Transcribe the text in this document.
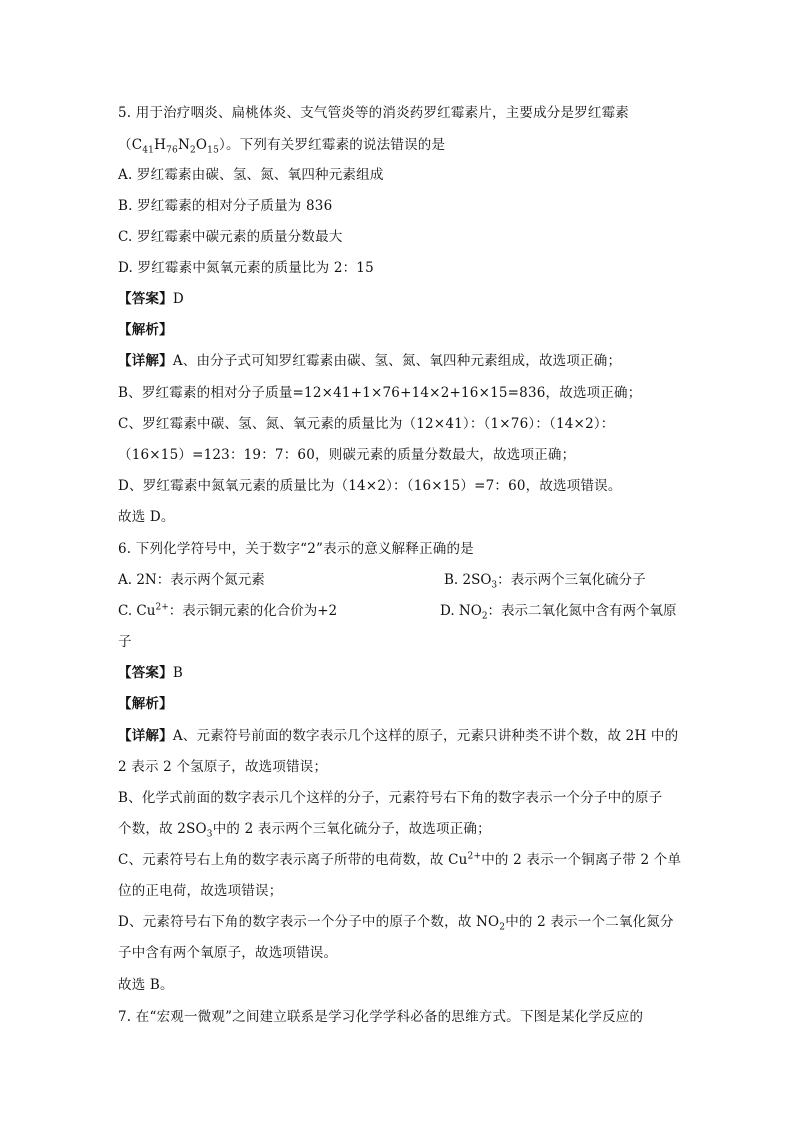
5. 用于治疗咽炎、扁桃体炎、支气管炎等的消炎药罗红霉素片，主要成分是罗红霉素
$(C_{41}H_{76}N_2O_{15})$。下列有关罗红霉素的说法错误的是
A. 罗红霉素由碳、氢、氮、氧四种元素组成
B. 罗红霉素的相对分子质量为 836
C. 罗红霉素中碳元素的质量分数最大
D. 罗红霉素中氮氧元素的质量比为 2：15
【答案】D
【解析】
【详解】A、由分子式可知罗红霉素由碳、氢、氮、氧四种元素组成，故选项正确；
B、罗红霉素的相对分子质量=12×41+1×76+14×2+16×15=836，故选项正确；
C、罗红霉素中碳、氢、氮、氧元素的质量比为（12×41）：（1×76）：（14×2）：
（16×15）=123：19：7：60，则碳元素的质量分数最大，故选项正确；
D、罗红霉素中氮氧元素的质量比为（14×2）：（16×15）=7：60，故选项错误。
故选 D。
6. 下列化学符号中，关于数字“2”表示的意义解释正确的是
A. 2N：表示两个氮元素	B. $2SO_3$：表示两个三氧化硫分子
C. $Cu^{2+}$：表示铜元素的化合价为+2	D. $NO_2$：表示二氧化氮中含有两个氧原
子
【答案】B
【解析】
【详解】A、元素符号前面的数字表示几个这样的原子，元素只讲种类不讲个数，故 2H 中的
2 表示 2 个氢原子，故选项错误；
B、化学式前面的数字表示几个这样的分子，元素符号右下角的数字表示一个分子中的原子
个数，故 $2SO_3$中的 2 表示两个三氧化硫分子，故选项正确；
C、元素符号右上角的数字表示离子所带的电荷数，故 $Cu^{2+}$中的 2 表示一个铜离子带 2 个单
位的正电荷，故选项错误；
D、元素符号右下角的数字表示一个分子中的原子个数，故 $NO_2$中的 2 表示一个二氧化氮分
子中含有两个氧原子，故选项错误。
故选 B。
7. 在“宏观一微观”之间建立联系是学习化学学科必备的思维方式。下图是某化学反应的
